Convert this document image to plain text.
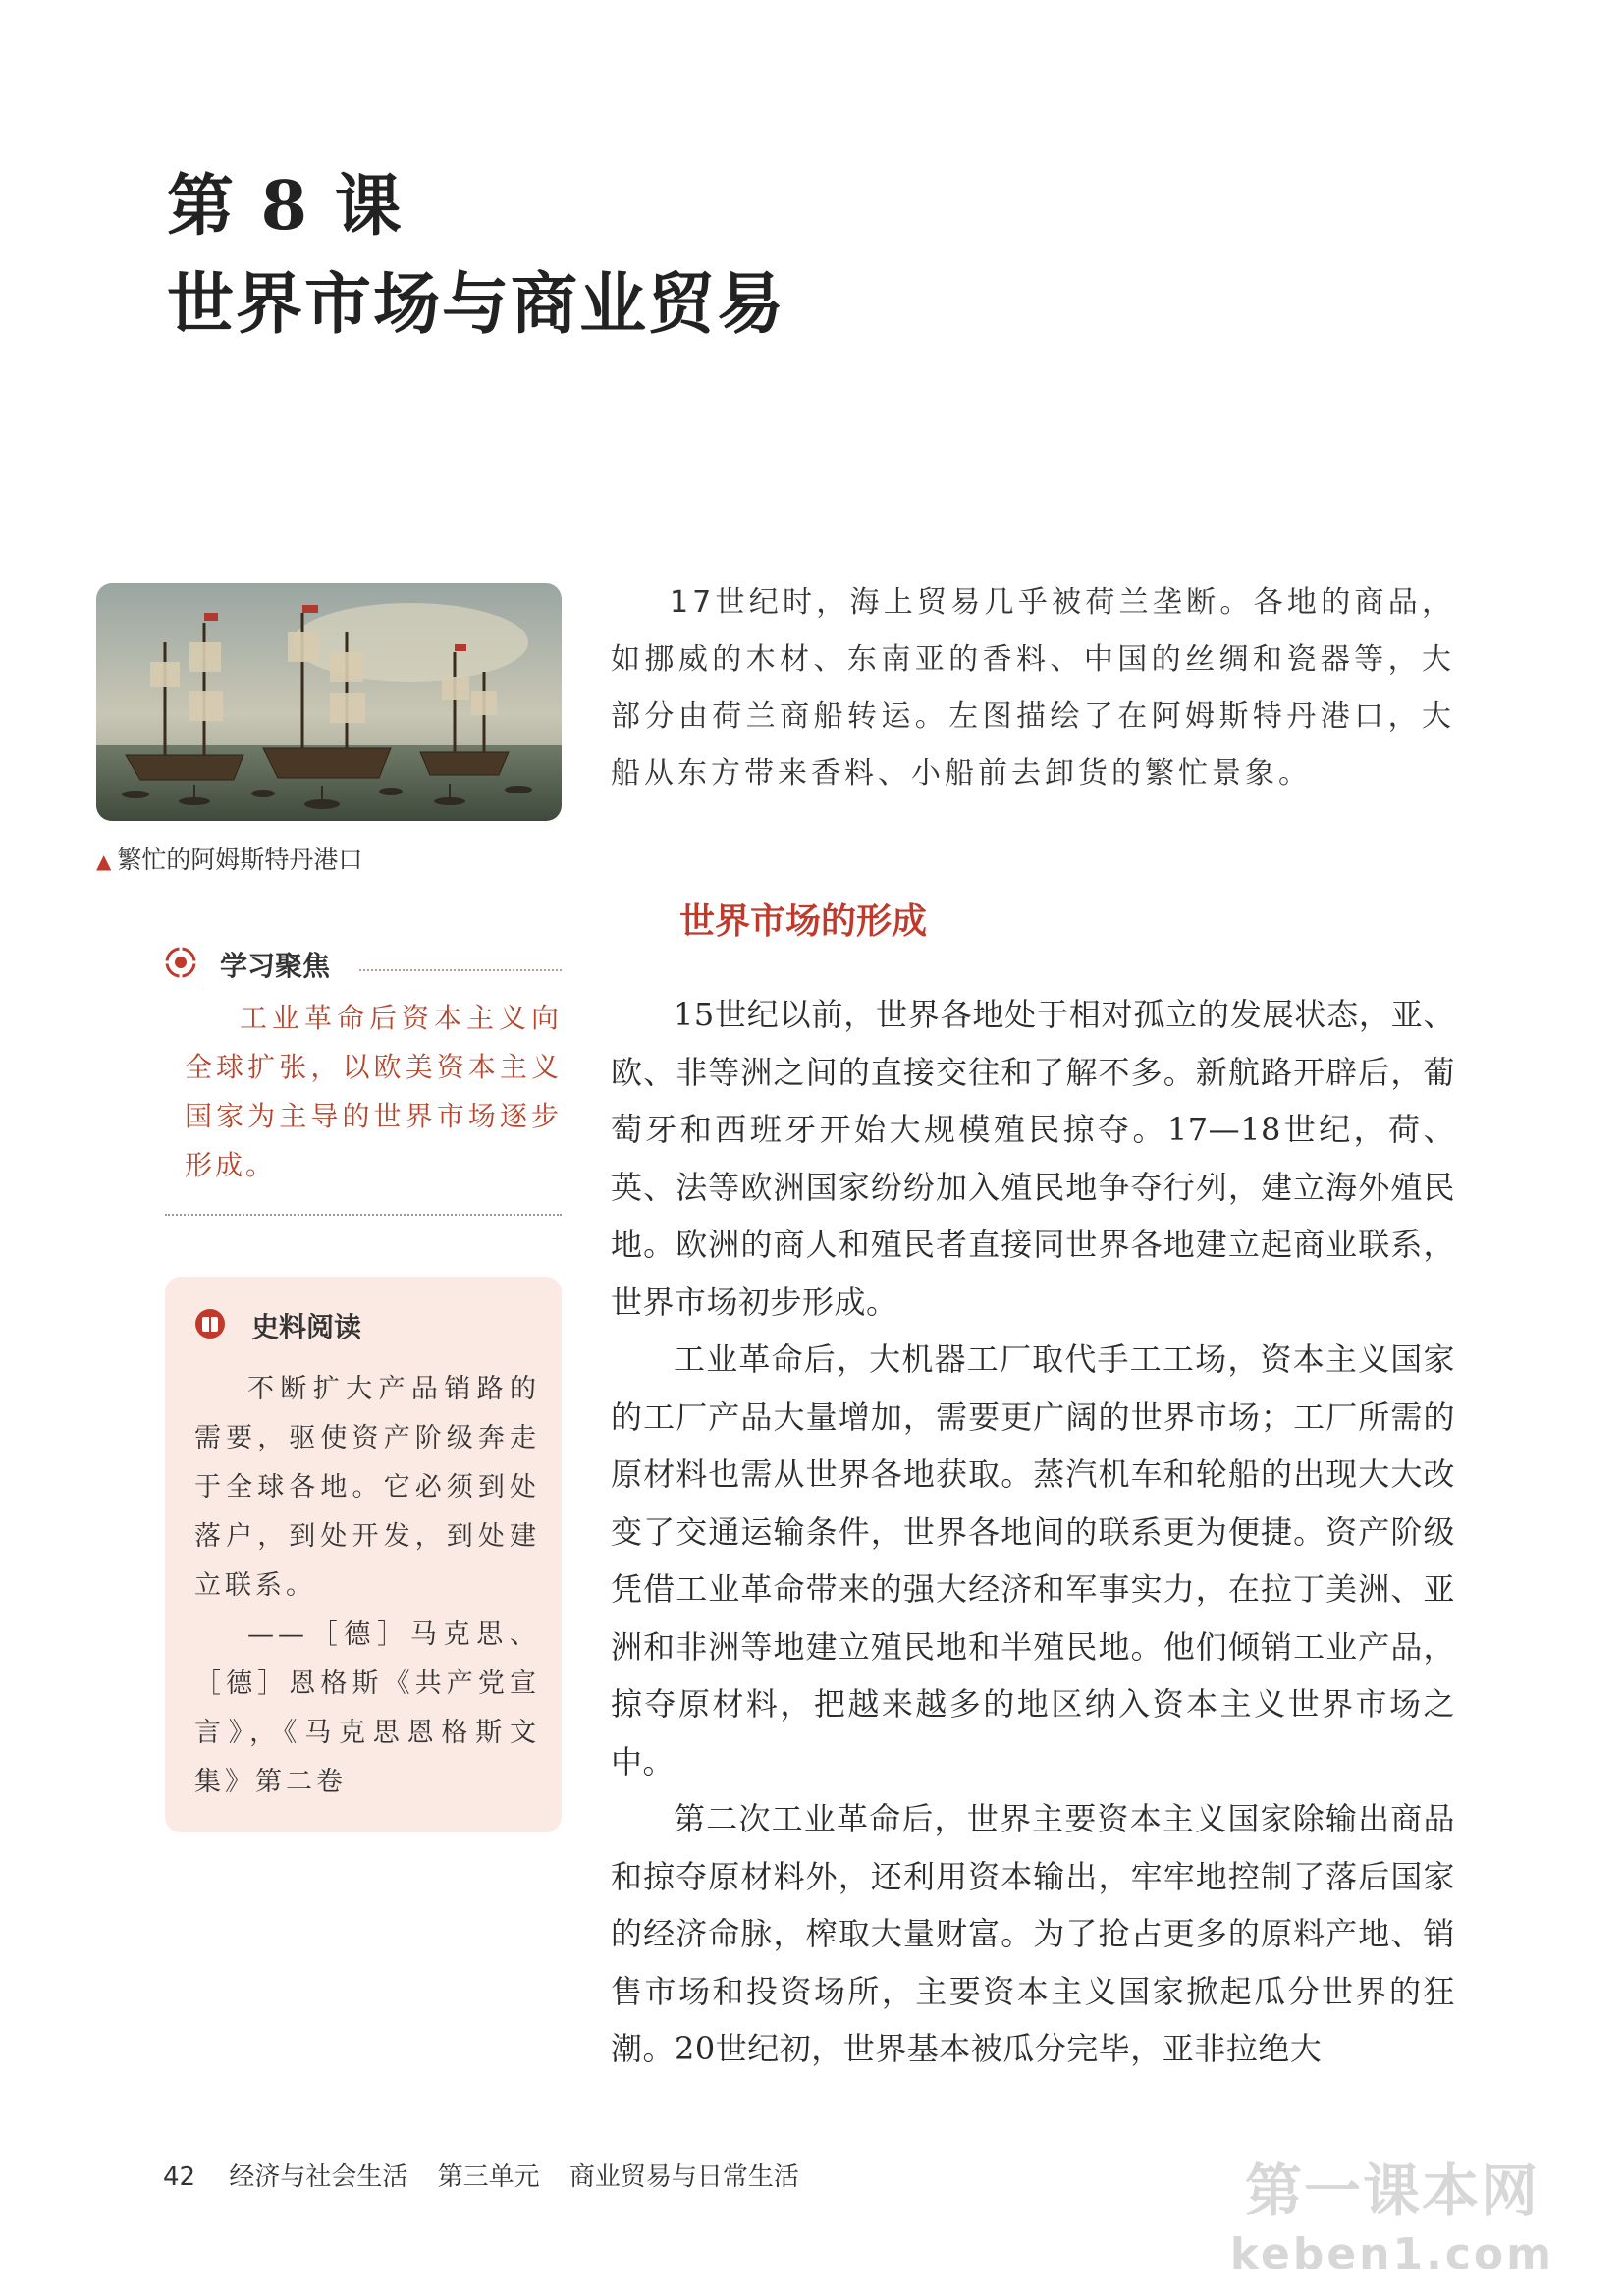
第 8 课
世界市场与商业贸易
▲ 繁忙的阿姆斯特丹港口

17世纪时，海上贸易几乎被荷兰垄断。各地的商品，如挪威的木材、东南亚的香料、中国的丝绸和瓷器等，大部分由荷兰商船转运。左图描绘了在阿姆斯特丹港口，大船从东方带来香料、小船前去卸货的繁忙景象。

学习聚焦

工业革命后资本主义向全球扩张，以欧美资本主义国家为主导的世界市场逐步形成。

史料阅读

不断扩大产品销路的需要，驱使资产阶级奔走于全球各地。它必须到处落户，到处开发，到处建立联系。

——［德］马克思、［德］恩格斯《共产党宣言》，《马克思恩格斯文集》第二卷

世界市场的形成

15世纪以前，世界各地处于相对孤立的发展状态，亚、欧、非等洲之间的直接交往和了解不多。新航路开辟后，葡萄牙和西班牙开始大规模殖民掠夺。17—18世纪，荷、英、法等欧洲国家纷纷加入殖民地争夺行列，建立海外殖民地。欧洲的商人和殖民者直接同世界各地建立起商业联系，世界市场初步形成。

工业革命后，大机器工厂取代手工工场，资本主义国家的工厂产品大量增加，需要更广阔的世界市场；工厂所需的原材料也需从世界各地获取。蒸汽机车和轮船的出现大大改变了交通运输条件，世界各地间的联系更为便捷。资产阶级凭借工业革命带来的强大经济和军事实力，在拉丁美洲、亚洲和非洲等地建立殖民地和半殖民地。他们倾销工业产品，掠夺原材料，把越来越多的地区纳入资本主义世界市场之中。

第二次工业革命后，世界主要资本主义国家除输出商品和掠夺原材料外，还利用资本输出，牢牢地控制了落后国家的经济命脉，榨取大量财富。为了抢占更多的原料产地、销售市场和投资场所，主要资本主义国家掀起瓜分世界的狂潮。20世纪初，世界基本被瓜分完毕，亚非拉绝大

42 经济与社会生活 第三单元 商业贸易与日常生活	第一课本网
keben1.com
